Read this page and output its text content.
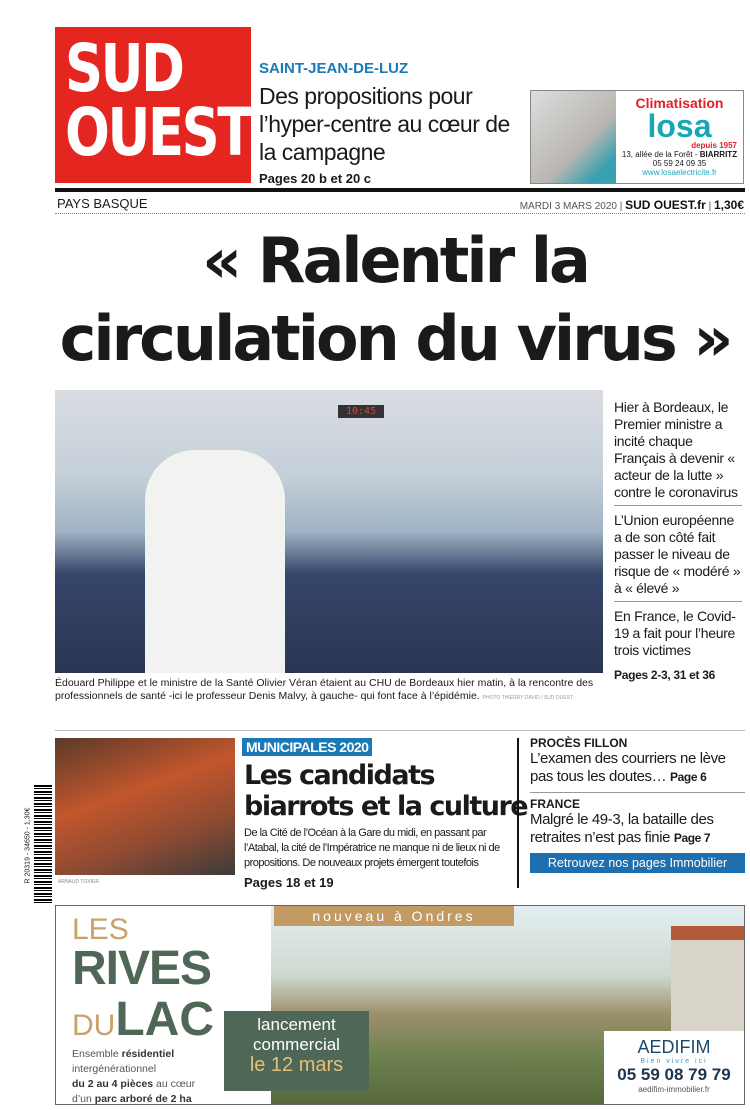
SUD
OUEST
SAINT-JEAN-DE-LUZ
Des propositions pour l’hyper-centre au cœur de la campagne
Pages 20 b et 20 c
Climatisation
losa
depuis 1957
13, allée de la Forêt - BIARRITZ
05 59 24 09 35 www.losaelectricite.fr
PAYS BASQUE	MARDI 3 MARS 2020 | SUD OUEST.fr | 1,30€
« Ralentir la circulation du virus »
10:45	Hier à Bordeaux, le Premier ministre a incité chaque Français à devenir « acteur de la lutte » contre le coronavirus

L’Union européenne a de son côté fait passer le niveau de risque de « modéré » à « élevé »

En France, le Covid-19 a fait pour l’heure trois victimes

Pages 2-3, 31 et 36
Édouard Philippe et le ministre de la Santé Olivier Véran étaient au CHU de Bordeaux hier matin, à la rencontre des professionnels de santé -ici le professeur Denis Malvy, à gauche- qui font face à l’épidémie. PHOTO THIERRY DAVID / SUD OUEST
ARNAUD TOXIER
R 20319 - 34650 - 1,30€
MUNICIPALES 2020
Les candidats
biarrots et la culture
De la Cité de l’Océan à la Gare du midi, en passant par l’Atabal, la cité de l’Impératrice ne manque ni de lieux ni de propositions. De nouveaux projets émergent toutefois
Pages 18 et 19
PROCÈS FILLON
L’examen des courriers ne lève pas tous les doutes… Page 6
FRANCE
Malgré le 49-3, la bataille des retraites n’est pas finie Page 7
Retrouvez nos pages Immobilier
LES
RIVES
DULAC
Ensemble résidentiel
intergénérationnel
du 2 au 4 pièces au cœur
d’un parc arboré de 2 ha
nouveau à Ondres
lancement
commercial
le 12 mars
AEDIFIM
Bien vivre ici
05 59 08 79 79
aedifim-immobilier.fr
